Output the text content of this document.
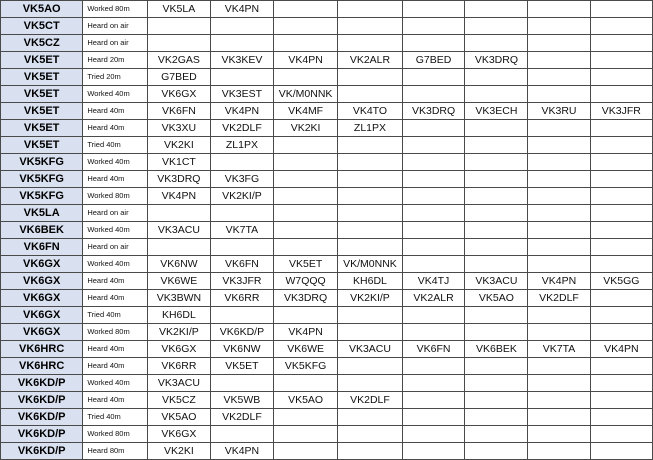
VK5AO	Worked 80m	VK5LA	VK4PN						
VK5CT	Heard on air								
VK5CZ	Heard on air								
VK5ET	Heard 20m	VK2GAS	VK3KEV	VK4PN	VK2ALR	G7BED	VK3DRQ		
VK5ET	Tried 20m	G7BED							
VK5ET	Worked 40m	VK6GX	VK3EST	VK/M0NNK					
VK5ET	Heard 40m	VK6FN	VK4PN	VK4MF	VK4TO	VK3DRQ	VK3ECH	VK3RU	VK3JFR
VK5ET	Heard 40m	VK3XU	VK2DLF	VK2KI	ZL1PX				
VK5ET	Tried 40m	VK2KI	ZL1PX						
VK5KFG	Worked 40m	VK1CT							
VK5KFG	Heard 40m	VK3DRQ	VK3FG						
VK5KFG	Worked 80m	VK4PN	VK2KI/P						
VK5LA	Heard on air								
VK6BEK	Worked 40m	VK3ACU	VK7TA						
VK6FN	Heard on air								
VK6GX	Worked 40m	VK6NW	VK6FN	VK5ET	VK/M0NNK				
VK6GX	Heard 40m	VK6WE	VK3JFR	W7QQQ	KH6DL	VK4TJ	VK3ACU	VK4PN	VK5GG
VK6GX	Heard 40m	VK3BWN	VK6RR	VK3DRQ	VK2KI/P	VK2ALR	VK5AO	VK2DLF	
VK6GX	Tried 40m	KH6DL							
VK6GX	Worked 80m	VK2KI/P	VK6KD/P	VK4PN					
VK6HRC	Heard 40m	VK6GX	VK6NW	VK6WE	VK3ACU	VK6FN	VK6BEK	VK7TA	VK4PN
VK6HRC	Heard 40m	VK6RR	VK5ET	VK5KFG					
VK6KD/P	Worked 40m	VK3ACU							
VK6KD/P	Heard 40m	VK5CZ	VK5WB	VK5AO	VK2DLF				
VK6KD/P	Tried 40m	VK5AO	VK2DLF						
VK6KD/P	Worked 80m	VK6GX							
VK6KD/P	Heard 80m	VK2KI	VK4PN						
